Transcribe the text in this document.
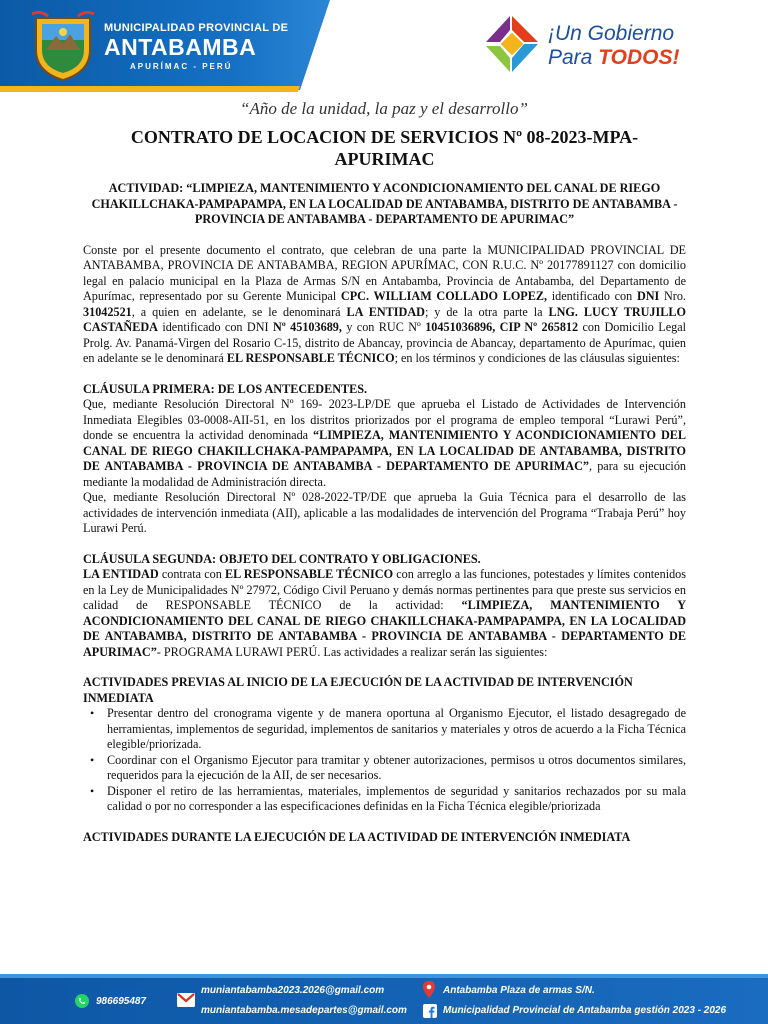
MUNICIPALIDAD PROVINCIAL DE
ANTABAMBA
APURÍMAC - PERÚ
¡Un Gobierno
Para TODOS!
“Año de la unidad, la paz y el desarrollo”
CONTRATO DE LOCACION DE SERVICIOS Nº 08-2023-MPA-APURIMAC
ACTIVIDAD: “LIMPIEZA, MANTENIMIENTO Y ACONDICIONAMIENTO DEL CANAL DE RIEGO CHAKILLCHAKA-PAMPAPAMPA, EN LA LOCALIDAD DE ANTABAMBA, DISTRITO DE ANTABAMBA - PROVINCIA DE ANTABAMBA - DEPARTAMENTO DE APURIMAC”

Conste por el presente documento el contrato, que celebran de una parte la MUNICIPALIDAD PROVINCIAL DE ANTABAMBA, PROVINCIA DE ANTABAMBA, REGION APURÍMAC, CON R.U.C. Nº 20177891127 con domicilio legal en palacio municipal en la Plaza de Armas S/N en Antabamba, Provincia de Antabamba, del Departamento de Apurímac, representado por su Gerente Municipal CPC. WILLIAM COLLADO LOPEZ, identificado con DNI Nro. 31042521, a quien en adelante, se le denominará LA ENTIDAD; y de la otra parte la LNG. LUCY TRUJILLO CASTAÑEDA identificado con DNI Nº 45103689, y con RUC Nº 10451036896, CIP Nº 265812 con Domicilio Legal Prolg. Av. Panamá-Virgen del Rosario C-15, distrito de Abancay, provincia de Abancay, departamento de Apurímac, quien en adelante se le denominará EL RESPONSABLE TÉCNICO; en los términos y condiciones de las cláusulas siguientes:

CLÁUSULA PRIMERA: DE LOS ANTECEDENTES.

Que, mediante Resolución Directoral Nº 169- 2023-LP/DE que aprueba el Listado de Actividades de Intervención Inmediata Elegibles 03-0008-AII-51, en los distritos priorizados por el programa de empleo temporal “Lurawi Perú”, donde se encuentra la actividad denominada “LIMPIEZA, MANTENIMIENTO Y ACONDICIONAMIENTO DEL CANAL DE RIEGO CHAKILLCHAKA-PAMPAPAMPA, EN LA LOCALIDAD DE ANTABAMBA, DISTRITO DE ANTABAMBA - PROVINCIA DE ANTABAMBA - DEPARTAMENTO DE APURIMAC”, para su ejecución mediante la modalidad de Administración directa.

Que, mediante Resolución Directoral Nº 028-2022-TP/DE que aprueba la Guia Técnica para el desarrollo de las actividades de intervención inmediata (AII), aplicable a las modalidades de intervención del Programa “Trabaja Perú” hoy Lurawi Perú.

CLÁUSULA SEGUNDA: OBJETO DEL CONTRATO Y OBLIGACIONES.

LA ENTIDAD contrata con EL RESPONSABLE TÉCNICO con arreglo a las funciones, potestades y límites contenidos en la Ley de Municipalidades Nº 27972, Código Civil Peruano y demás normas pertinentes para que preste sus servicios en calidad de RESPONSABLE TÉCNICO de la actividad: “LIMPIEZA, MANTENIMIENTO Y ACONDICIONAMIENTO DEL CANAL DE RIEGO CHAKILLCHAKA-PAMPAPAMPA, EN LA LOCALIDAD DE ANTABAMBA, DISTRITO DE ANTABAMBA - PROVINCIA DE ANTABAMBA - DEPARTAMENTO DE APURIMAC”- PROGRAMA LURAWI PERÚ. Las actividades a realizar serán las siguientes:

ACTIVIDADES PREVIAS AL INICIO DE LA EJECUCIÓN DE LA ACTIVIDAD DE INTERVENCIÓN INMEDIATA
• Presentar dentro del cronograma vigente y de manera oportuna al Organismo Ejecutor, el listado desagregado de herramientas, implementos de seguridad, implementos de sanitarios y materiales y otros de acuerdo a la Ficha Técnica elegible/priorizada.
• Coordinar con el Organismo Ejecutor para tramitar y obtener autorizaciones, permisos u otros documentos similares, requeridos para la ejecución de la AII, de ser necesarios.
• Disponer el retiro de las herramientas, materiales, implementos de seguridad y sanitarios rechazados por su mala calidad o por no corresponder a las especificaciones definidas en la Ficha Técnica elegible/priorizada
ACTIVIDADES DURANTE LA EJECUCIÓN DE LA ACTIVIDAD DE INTERVENCIÓN INMEDIATA
986695487
muniantabamba2023.2026@gmail.com
muniantabamba.mesadepartes@gmail.com
Antabamba Plaza de armas S/N.
Municipalidad Provincial de Antabamba gestión 2023 - 2026
